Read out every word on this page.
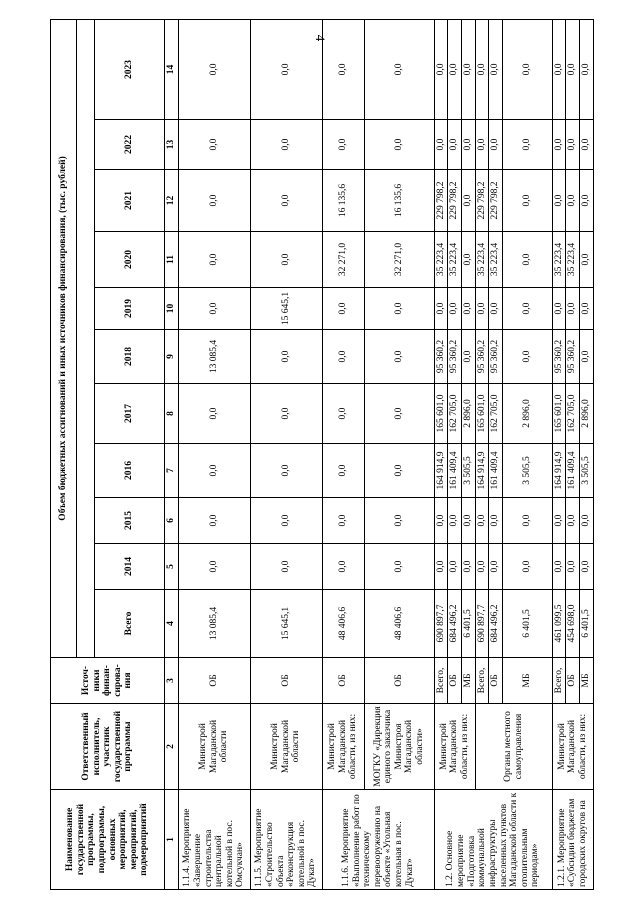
4
Наименование государственной программы, подпрограммы, основных мероприятий, мероприятий, подмероприятий	Ответственный исполнитель, участник государственной программы	Источ-ники финан-сирова-ния	Объем бюджетных ассигнований и иных источников финансирования, (тыс. рублей)										

			Всего	2014	2015	2016	2017	2018	2019	2020	2021	2022	2023
1	2	3	4	5	6	7	8	9	10	11	12	13	14
1.1.4. Мероприятие «Завершение строительства центральной котельной в пос. Омсукчан»	Министрой Магаданской области	ОБ	13 085,4	0,0	0,0	0,0	0,0	13 085,4	0,0	0,0	0,0	0,0	0,0
1.1.5. Мероприятие «Строительство объекта «Реконструкция котельной в пос. Дукат»	Министрой Магаданской области	ОБ	15 645,1	0,0	0,0	0,0	0,0	0,0	15 645,1	0,0	0,0	0,0	0,0
1.1.6. Мероприятие «Выполнение работ по техническому перевооружению на объекте «Угольная котельная в пос. Дукат»	Министрой Магаданской области, из них:	ОБ	48 406,6	0,0	0,0	0,0	0,0	0,0	0,0	32 271,0	16 135,6	0,0	0,0
	МОГКУ «Дирекция единого заказчика Министроя Магаданской области»	ОБ	48 406,6	0,0	0,0	0,0	0,0	0,0	0,0	32 271,0	16 135,6	0,0	0,0
1.2. Основное мероприятие «Подготовка коммунальной инфраструктуры населенных пунктов Магаданской области к отопительным периодам»	Министрой Магаданской области, из них:	Всего,	690 897,7	0,0	0,0	164 914,9	165 601,0	95 360,2	0,0	35 223,4	229 798,2	0,0	0,0
		ОБ	684 496,2	0,0	0,0	161 409,4	162 705,0	95 360,2	0,0	35 223,4	229 798,2	0,0	0,0
		МБ	6 401,5	0,0	0,0	3 505,5	2 896,0	0,0	0,0	0,0	0,0	0,0	0,0
	Органы местного самоуправления	Всего,	690 897,7	0,0	0,0	164 914,9	165 601,0	95 360,2	0,0	35 223,4	229 798,2	0,0	0,0
		ОБ	684 496,2	0,0	0,0	161 409,4	162 705,0	95 360,2	0,0	35 223,4	229 798,2	0,0	0,0
		МБ	6 401,5	0,0	0,0	3 505,5	2 896,0	0,0	0,0	0,0	0,0	0,0	0,0
1.2.1. Мероприятие «Субсидии бюджетам городских округов на	Министрой Магаданской области, из них:	Всего,	461 099,5	0,0	0,0	164 914,9	165 601,0	95 360,2	0,0	35 223,4	0,0	0,0	0,0
		ОБ	454 698,0	0,0	0,0	161 409,4	162 705,0	95 360,2	0,0	35 223,4	0,0	0,0	0,0
		МБ	6 401,5	0,0	0,0	3 505,5	2 896,0	0,0	0,0	0,0	0,0	0,0	0,0
